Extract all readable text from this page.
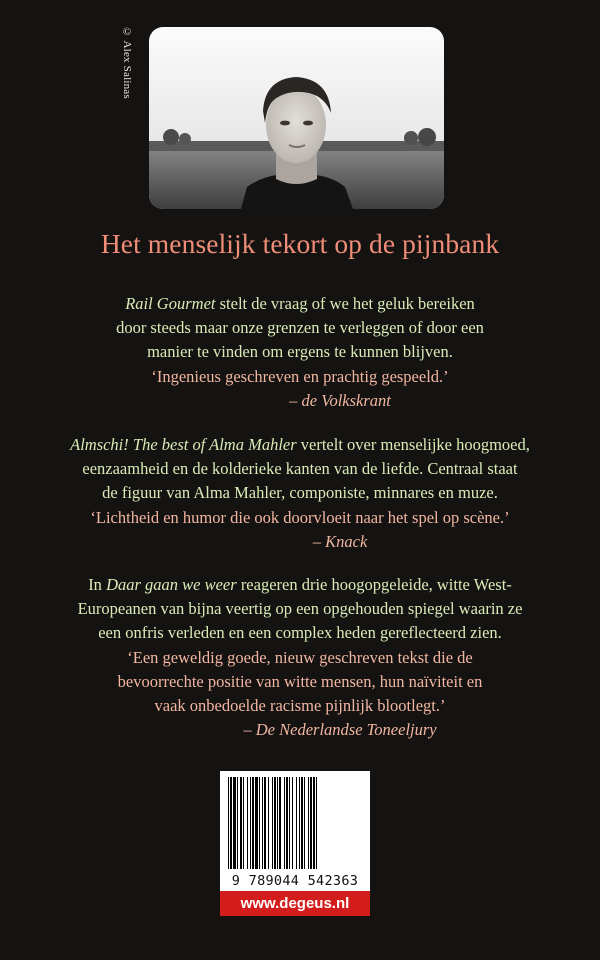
© Alex Salinas
Het menselijk tekort op de pijnbank
Rail Gourmet stelt de vraag of we het geluk bereiken
door steeds maar onze grenzen te verleggen of door een
manier te vinden om ergens te kunnen blijven.
‘Ingenieus geschreven en prachtig gespeeld.’
– de Volkskrant
Almschi! The best of Alma Mahler vertelt over menselijke hoogmoed,
eenzaamheid en de kolderieke kanten van de liefde. Centraal staat
de figuur van Alma Mahler, componiste, minnares en muze.
‘Lichtheid en humor die ook doorvloeit naar het spel op scène.’
– Knack
In Daar gaan we weer reageren drie hoogopgeleide, witte West-
Europeanen van bijna veertig op een opgehouden spiegel waarin ze
een onfris verleden en een complex heden gereflecteerd zien.
‘Een geweldig goede, nieuw geschreven tekst die de
bevoorrechte positie van witte mensen, hun naïviteit en
vaak onbedoelde racisme pijnlijk blootlegt.’
– De Nederlandse Toneeljury
9 789044 542363
www.degeus.nl
